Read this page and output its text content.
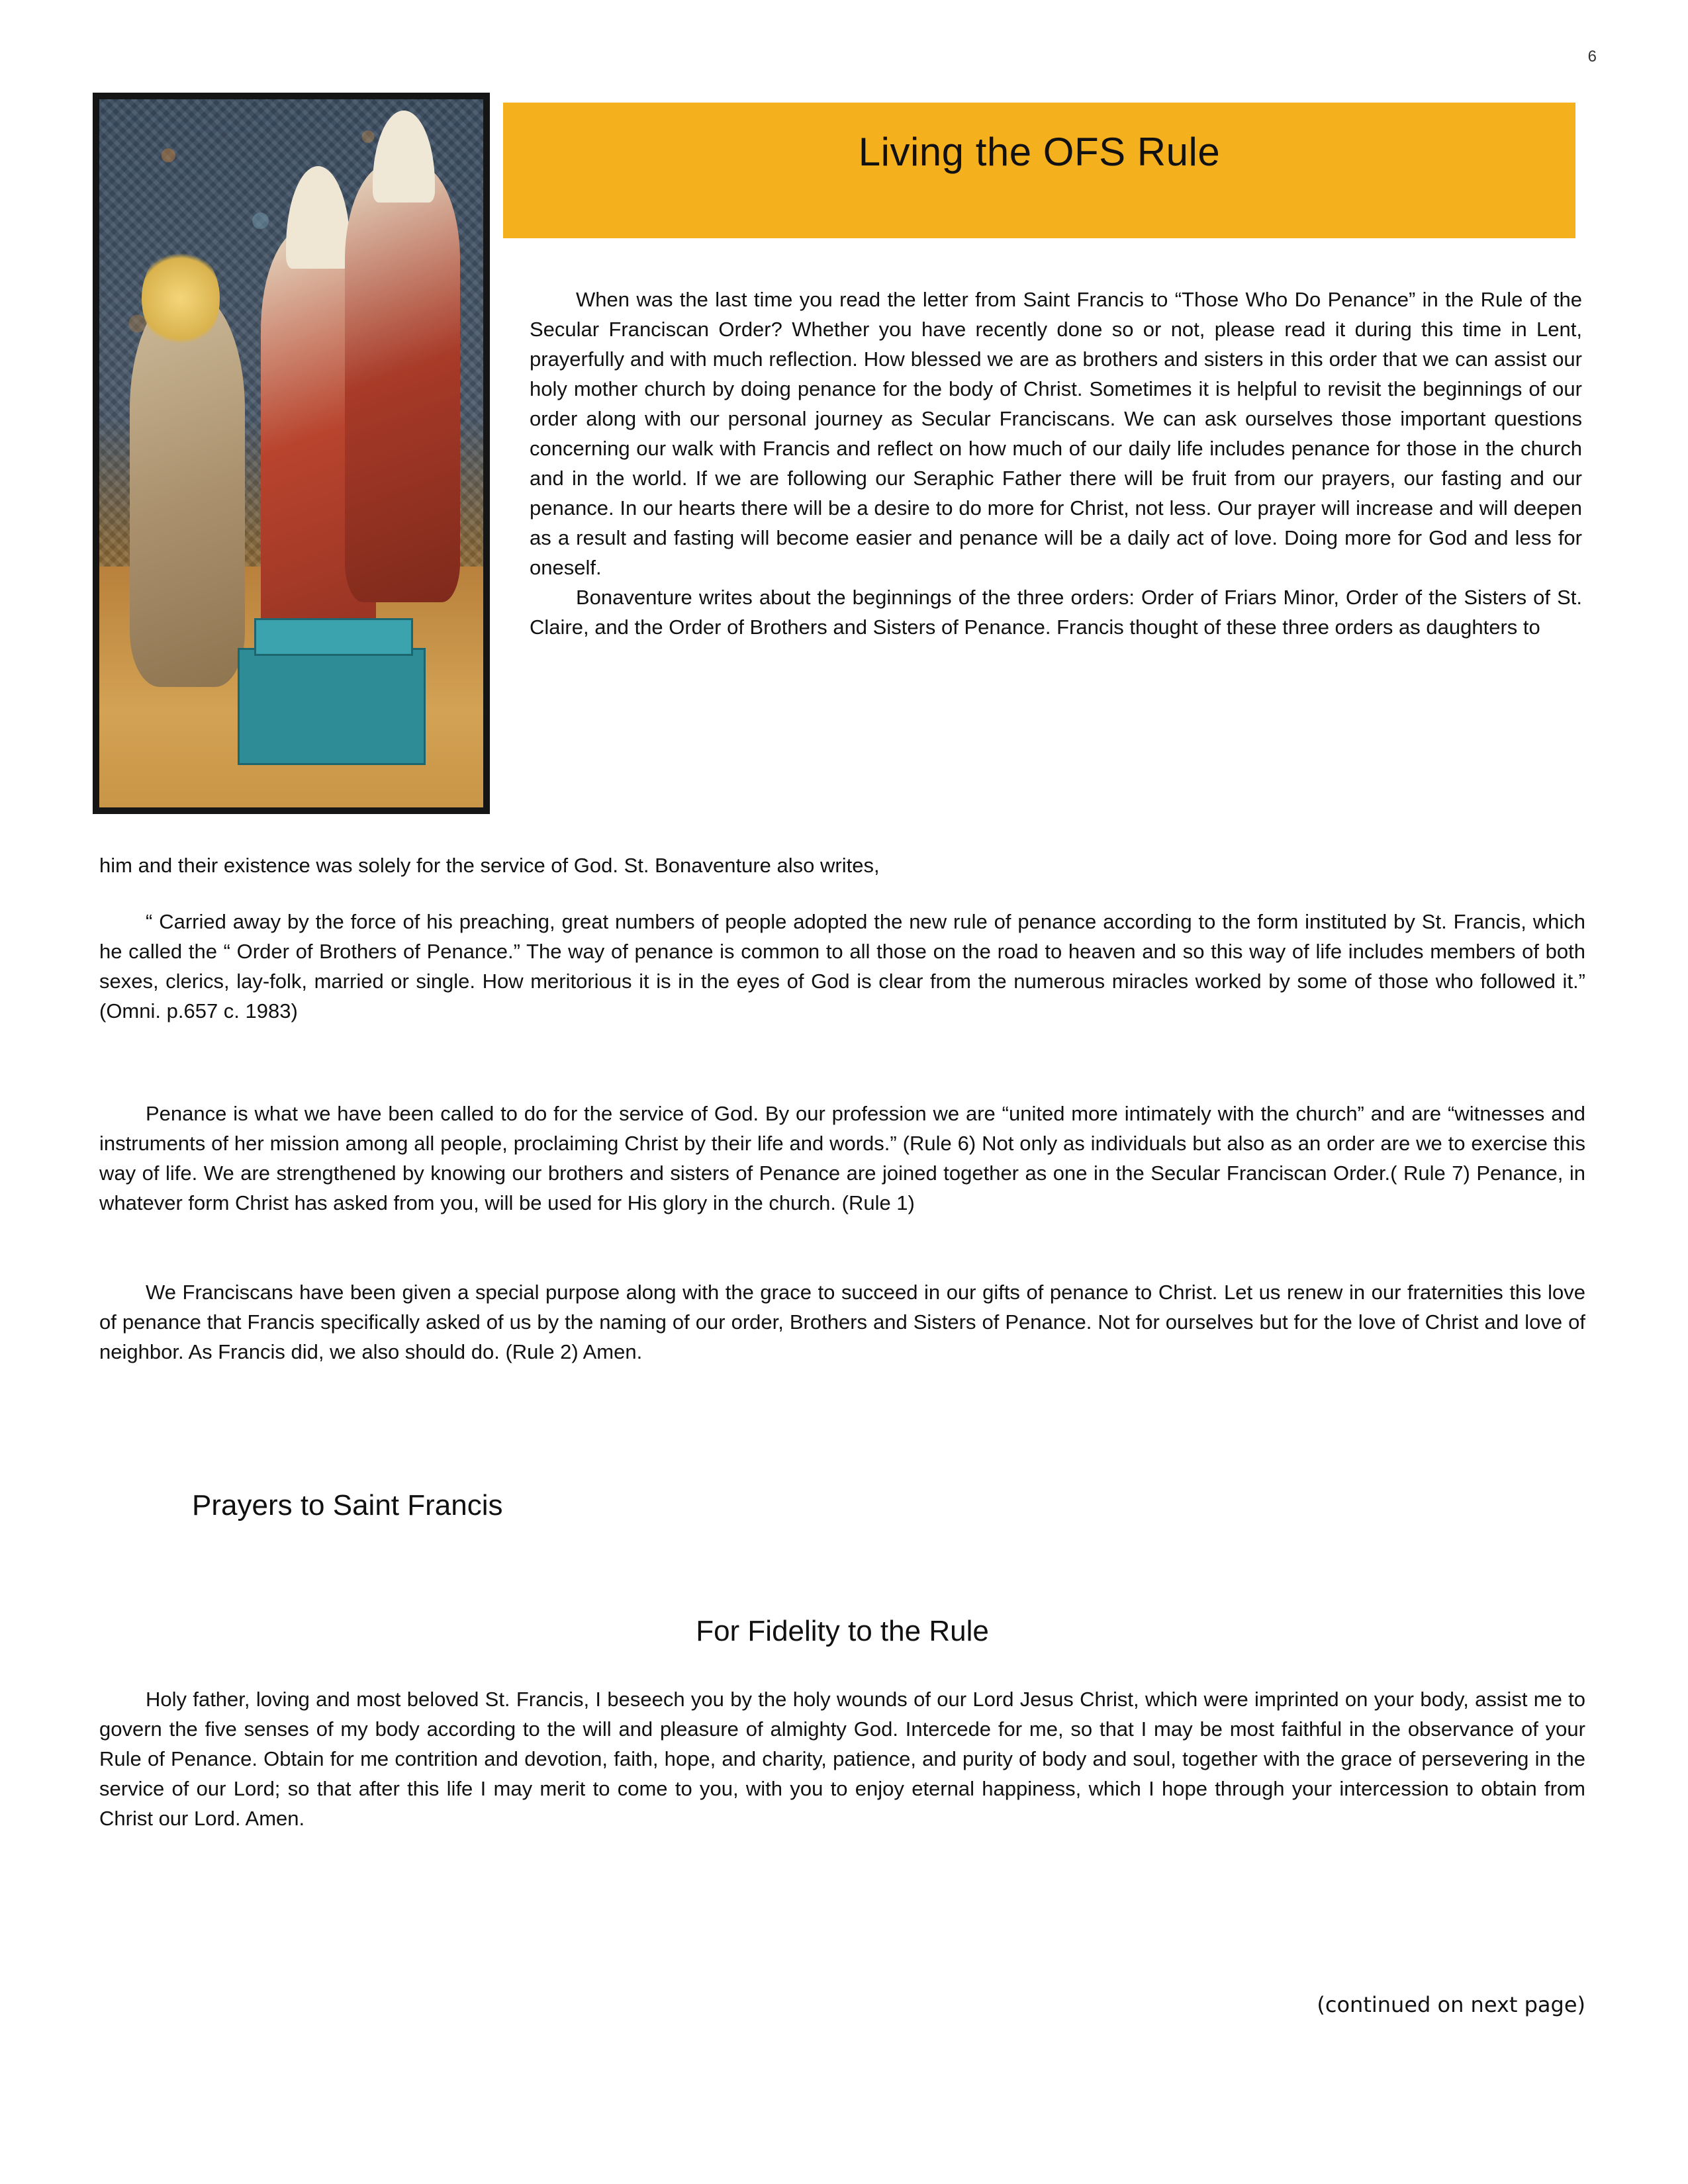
6
Living the OFS Rule

When was the last time you read the letter from Saint Francis to “Those Who Do Penance” in the Rule of the Secular Franciscan Order? Whether you have recently done so or not, please read it during this time in Lent, prayerfully and with much reflection. How blessed we are as brothers and sisters in this order that we can assist our holy mother church by doing penance for the body of Christ. Sometimes it is helpful to revisit the beginnings of our order along with our personal journey as Secular Franciscans. We can ask ourselves those important questions concerning our walk with Francis and reflect on how much of our daily life includes penance for those in the church and in the world. If we are following our Seraphic Father there will be fruit from our prayers, our fasting and our penance. In our hearts there will be a desire to do more for Christ, not less. Our prayer will increase and will deepen as a result and fasting will become easier and penance will be a daily act of love. Doing more for God and less for oneself.

Bonaventure writes about the beginnings of the three orders: Order of Friars Minor, Order of the Sisters of St. Claire, and the Order of Brothers and Sisters of Penance. Francis thought of these three orders as daughters to

him and their existence was solely for the service of God. St. Bonaventure also writes,

“ Carried away by the force of his preaching, great numbers of people adopted the new rule of penance according to the form instituted by St. Francis, which he called the “ Order of Brothers of Penance.” The way of penance is common to all those on the road to heaven and so this way of life includes members of both sexes, clerics, lay-folk, married or single. How meritorious it is in the eyes of God is clear from the numerous miracles worked by some of those who followed it.” (Omni. p.657 c. 1983)

Penance is what we have been called to do for the service of God. By our profession we are “united more intimately with the church” and are “witnesses and instruments of her mission among all people, proclaiming Christ by their life and words.” (Rule 6) Not only as individuals but also as an order are we to exercise this way of life. We are strengthened by knowing our brothers and sisters of Penance are joined together as one in the Secular Franciscan Order.( Rule 7) Penance, in whatever form Christ has asked from you, will be used for His glory in the church. (Rule 1)

We Franciscans have been given a special purpose along with the grace to succeed in our gifts of penance to Christ. Let us renew in our fraternities this love of penance that Francis specifically asked of us by the naming of our order, Brothers and Sisters of Penance. Not for ourselves but for the love of Christ and love of neighbor. As Francis did, we also should do. (Rule 2) Amen.

Prayers to Saint Francis
For Fidelity to the Rule

Holy father, loving and most beloved St. Francis, I beseech you by the holy wounds of our Lord Jesus Christ, which were imprinted on your body, assist me to govern the five senses of my body according to the will and pleasure of almighty God. Intercede for me, so that I may be most faithful in the observance of your Rule of Penance. Obtain for me contrition and devotion, faith, hope, and charity, patience, and purity of body and soul, together with the grace of persevering in the service of our Lord; so that after this life I may merit to come to you, with you to enjoy eternal happiness, which I hope through your intercession to obtain from Christ our Lord. Amen.

(continued on next page)
